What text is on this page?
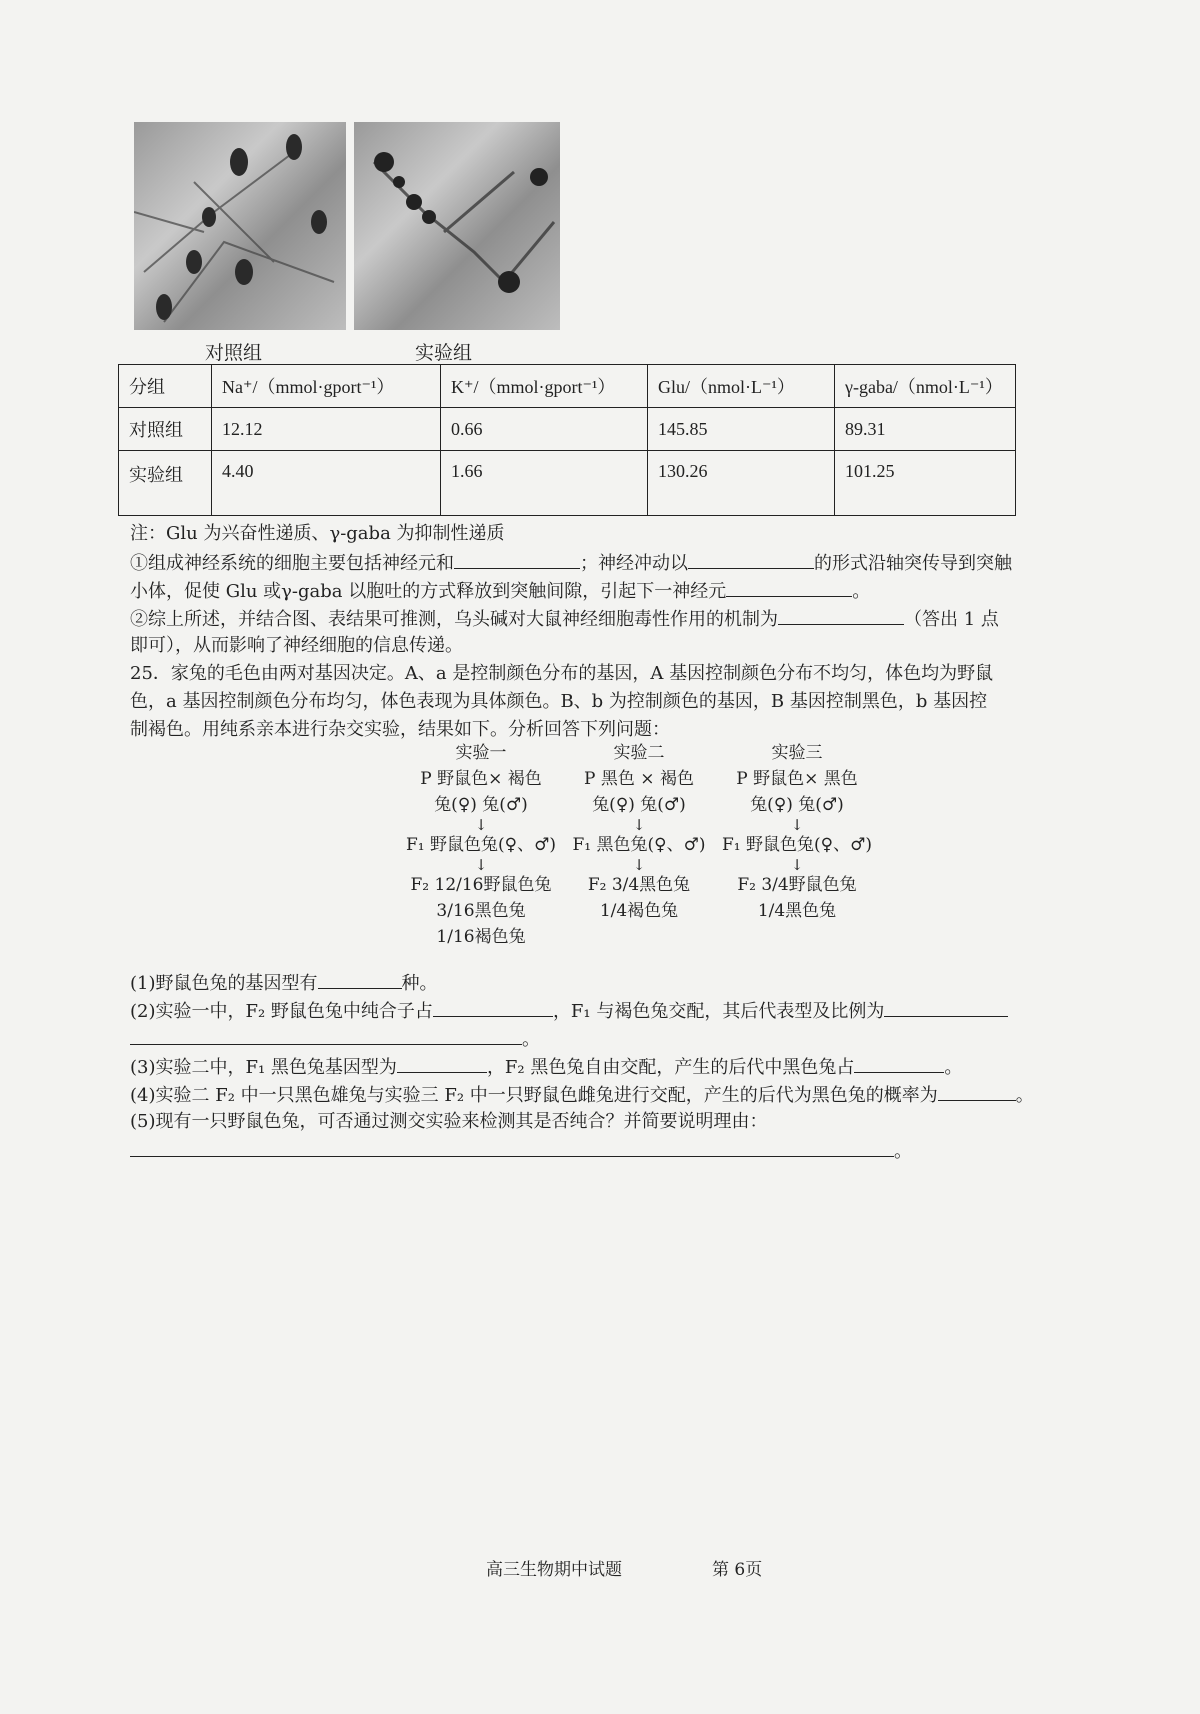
对照组	实验组
分组	Na⁺/（mmol·gport⁻¹）	K⁺/（mmol·gport⁻¹）	Glu/（nmol·L⁻¹）	γ-gaba/（nmol·L⁻¹）
对照组	12.12	0.66	145.85	89.31
实验组	4.40	1.66	130.26	101.25
注：Glu 为兴奋性递质、γ-gaba 为抑制性递质
①组成神经系统的细胞主要包括神经元和	；神经冲动以	的形式沿轴突传导到突触
小体，促使 Glu 或γ-gaba 以胞吐的方式释放到突触间隙，引起下一神经元	。
②综上所述，并结合图、表结果可推测，乌头碱对大鼠神经细胞毒性作用的机制为	（答出 1 点
即可），从而影响了神经细胞的信息传递。
25．家兔的毛色由两对基因决定。A、a 是控制颜色分布的基因，A 基因控制颜色分布不均匀，体色均为野鼠
色，a 基因控制颜色分布均匀，体色表现为具体颜色。B、b 为控制颜色的基因，B 基因控制黑色，b 基因控
制褐色。用纯系亲本进行杂交实验，结果如下。分析回答下列问题：
实验一
P 野鼠色× 褐色
兔(♀) 兔(♂)
↓
F₁ 野鼠色兔(♀、♂)
↓
F₂ 12/16野鼠色兔
3/16黑色兔
1/16褐色兔
实验二
P 黑色 × 褐色
兔(♀) 兔(♂)
↓
F₁ 黑色兔(♀、♂)
↓
F₂ 3/4黑色兔
1/4褐色兔
实验三
P 野鼠色× 黑色
兔(♀) 兔(♂)
↓
F₁ 野鼠色兔(♀、♂)
↓
F₂ 3/4野鼠色兔
1/4黑色兔
(1)野鼠色兔的基因型有	种。
(2)实验一中，F₂ 野鼠色兔中纯合子占	，F₁ 与褐色兔交配，其后代表型及比例为
。
(3)实验二中，F₁ 黑色兔基因型为	，F₂ 黑色兔自由交配，产生的后代中黑色兔占	。
(4)实验二 F₂ 中一只黑色雄兔与实验三 F₂ 中一只野鼠色雌兔进行交配，产生的后代为黑色兔的概率为	。
(5)现有一只野鼠色兔，可否通过测交实验来检测其是否纯合？并简要说明理由：
。
高三生物期中试题	第 6页
